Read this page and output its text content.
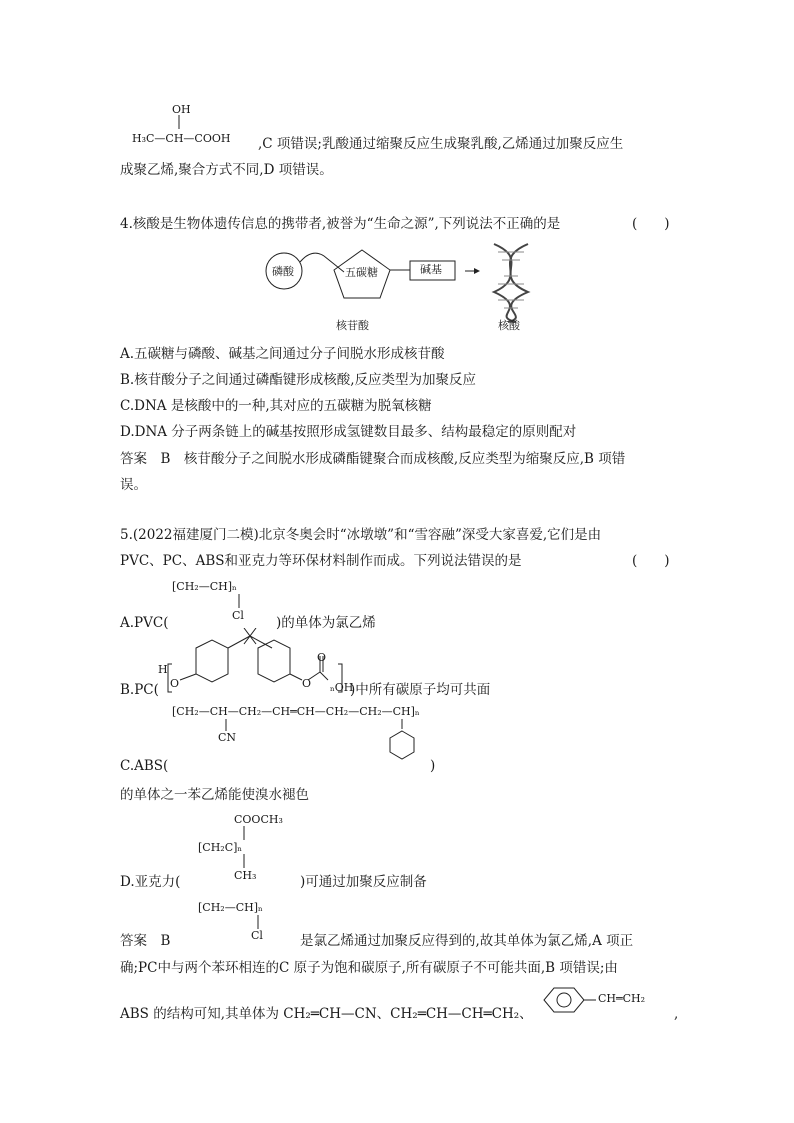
OH
H₃C—CH—COOH ,C 项错误;乳酸通过缩聚反应生成聚乳酸,乙烯通过加聚反应生
成聚乙烯,聚合方式不同,D 项错误。
4.核酸是生物体遗传信息的携带者,被誉为“生命之源”,下列说法不正确的是	(　　)
磷酸	五碳糖	碱基
核苷酸	核酸
A.五碳糖与磷酸、碱基之间通过分子间脱水形成核苷酸
B.核苷酸分子之间通过磷酯键形成核酸,反应类型为加聚反应
C.DNA 是核酸中的一种,其对应的五碳糖为脱氧核糖
D.DNA 分子两条链上的碱基按照形成氢键数目最多、结构最稳定的原则配对
答案　B　核苷酸分子之间脱水形成磷酯键聚合而成核酸,反应类型为缩聚反应,B 项错
误。
5.(2022福建厦门二模)北京冬奥会时“冰墩墩”和“雪容融”深受大家喜爱,它们是由
PVC、PC、ABS和亚克力等环保材料制作而成。下列说法错误的是	(　　)
[CH₂—CH]ₙ
Cl
A.PVC(	)的单体为氯乙烯
H
O	O
O
ₙOH
B.PC(	)中所有碳原子均可共面
[CH₂—CH—CH₂—CH═CH—CH₂—CH₂—CH]ₙ
CN
C.ABS(	)
的单体之一苯乙烯能使溴水褪色
COOCH₃
[CH₂C]ₙ
CH₃
D.亚克力(	)可通过加聚反应制备
[CH₂—CH]ₙ
Cl
答案　B	是氯乙烯通过加聚反应得到的,故其单体为氯乙烯,A 项正
确;PC中与两个苯环相连的C 原子为饱和碳原子,所有碳原子不可能共面,B 项错误;由
ABS 的结构可知,其单体为 CH₂═CH—CN、CH₂═CH—CH═CH₂、
CH═CH₂
,
